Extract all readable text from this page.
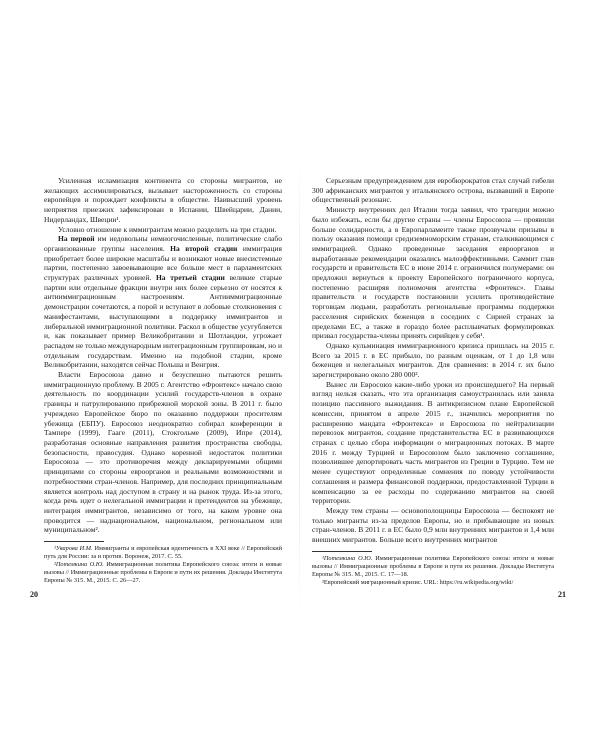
Усиленная исламизация континента со стороны мигрантов, не желающих ассимилироваться, вызывает настороженность со стороны европейцев и порождает конфликты в обществе. Наивысший уровень неприятия приезжих зафиксирован в Испании, Швейцарии, Дании, Нидерландах, Швеции¹.

Условно отношение к иммигрантам можно разделить на три стадии.

На первой им недовольны немногочисленные, политические слабо организованные группы населения. На второй стадии иммиграция приобретает более широкие масштабы и возникают новые внесистемные партии, постепенно завоевывающие все больше мест в парламентских структурах различных уровней. На третьей стадии великие старые партии или отдельные фракции внутри них более серьезно от носятся к антииммиграционным настроениям. Антииммиграционные демонстрации сочетаются, а порой и вступают в лобовые столкновения с манифестантами, выступающими в поддержку иммигрантов и либеральной иммиграционной политики. Раскол в обществе усугубляется и, как показывает пример Великобритании и Шотландии, угрожает распадом не только международным интеграционным группировкам, но и отдельным государствам. Именно на подобной стадии, кроме Великобритании, находятся сейчас Польша и Венгрия.

Власти Евросоюза давно и безуспешно пытаются решить иммиграционную проблему. В 2005 г. Агентство «Фронтекс» начало свою деятельность по координации усилий государств-членов в охране границы и патрулированию прибрежной морской зоны. В 2011 г. было учреждено Европейское бюро по оказанию поддержки просителям убежища (ЕБПУ). Евросоюз неоднократно собирал конференции в Тампере (1999), Гааге (2011), Стокгольме (2009), Ипре (2014), разработаная основные направления развития пространства свободы, безопасности, правосудия. Однако коренной недостаток политики Евросоюза — это противоречия между декларируемыми общими принципами со стороны евроорганов и реальными возможностями и потребностями стран-членов. Например, для последних принципиальным является контроль над доступом в страну и на рынок труда. Из-за этого, когда речь идет о нелегальной иммиграции и претендентов на убежище, интеграция иммигрантов, независимо от того, на каком уровне она проводится — наднациональном, национальном, региональном или муниципальном².

¹Уварова И.М. Иммигранты и европейская идентичность в XXI веке // Европейский путь для России: за и против. Воронеж, 2017. С. 55.

²Потемкина О.Ю. Иммиграционная политика Европейского союза: итоги и новые вызовы // Иммиграционные проблемы в Европе и пути их решения. Доклады Института Европы № 315. М., 2015. С. 26—27.

Серьезным предупреждением для евробюрократов стал случай гибели 300 африканских мигрантов у итальянского острова, вызвавший в Европе общественный резонанс.

Министр внутренних дел Италии тогда заявил, что трагедии можно было избежать, если бы другие страны — члены Евросоюза — проявили больше солидарности, а в Европарламенте также прозвучали призывы в пользу оказания помощи средиземноморским странам, сталкивающимся с иммиграцией. Однако проведенные заседания евроорганов и выработанные рекомендации оказались малоэффективными. Саммит глав государств и правительств ЕС в июне 2014 г. ограничился полумерами: он предложил вернуться к проекту Европейского пограничного корпуса, постепенно расширяя полномочия агентства «Фронтекс». Главы правительств и государств постановили усилить противодействие торговцам людьми, разработать региональные программы поддержки расселения сирийских беженцев в соседних с Сирией странах за пределами ЕС, а также в гораздо более расплывчатых формулировках призвал государства-члены принять сирийцев у себя¹.

Однако кульминация иммиграционного кризиса пришлась на 2015 г. Всего за 2015 г. в ЕС прибыло, по разным оценкам, от 1 до 1,8 млн беженцев и нелегальных мигрантов. Для сравнения: в 2014 г. их было зарегистрировано около 280 000².

Вынес ли Евросоюз какие-либо уроки из происшедшего? На первый взгляд нельзя сказать, что эта организация самоустранилась или заняла позицию пассивного выжидания. В антикризисном плане Европейской комиссии, принятом в апреле 2015 г., значились мероприятия по расширению мандата «Фронтекса» и Евросоюза по нейтрализации перевозок мигрантов, создание представительства ЕС в развивающихся странах с целью сбора информации о миграционных потоках. В марте 2016 г. между Турцией и Евросоюзом было заключено соглашение, позволившее депортировать часть мигрантов из Греции в Турцию. Тем не менее существуют определенные сомнения по поводу устойчивости соглашения и размера финансовой поддержки, предоставленной Турции в компенсацию за ее расходы по содержанию мигрантов на своей территории.

Между тем страны — основополощницы Евросоюза — беспокоят не только мигранты из-за пределов Европы, но и прибывающие из новых стран-членов. В 2011 г. в ЕС было 0,9 млн внутренних мигрантов и 1,4 млн внешних мигрантов. Больше всего внутренних мигрантов

¹Потемкина О.Ю. Иммиграционная политика Европейского союза: итоги и новые вызовы // Иммиграционные проблемы в Европе и пути их решения. Доклады Института Европы № 315. М., 2015. С. 17—18.

²Европейский миграционный кризис. URL: https://ru.wikipedia.org/wiki/

20	21
